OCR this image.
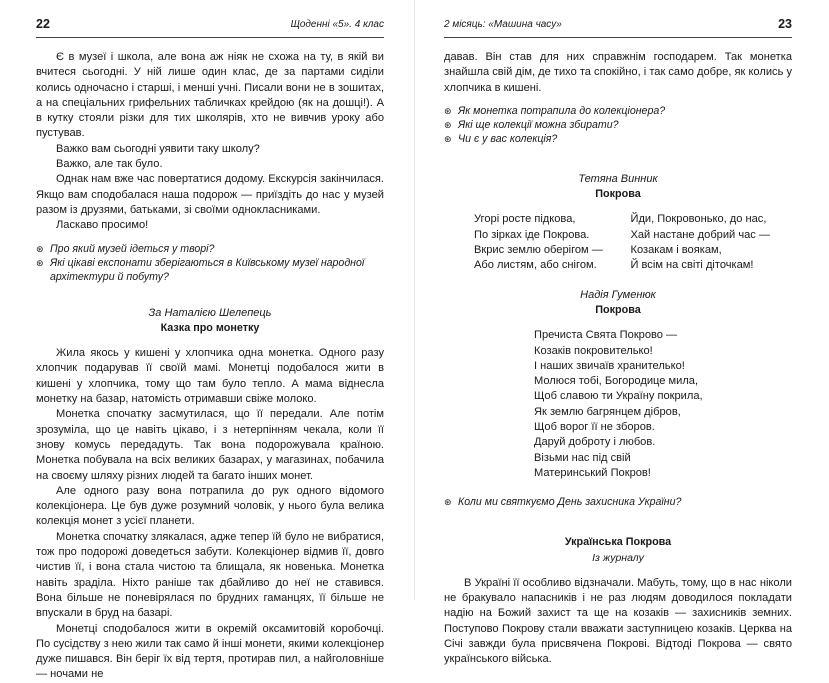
22	Щоденні «5». 4 клас

Є в музеї і школа, але вона аж ніяк не схожа на ту, в якій ви вчитеся сьогодні. У ній лише один клас, де за партами сиділи колись одночасно і старші, і менші учні. Писали вони не в зошитах, а на спеціальних грифельних табличках крейдою (як на дошці!). А в кутку стояли різки для тих школярів, хто не вивчив уроку або пустував.

Важко вам сьогодні уявити таку школу?

Важко, але так було.

Однак нам вже час повертатися додому. Екскурсія закінчилася. Якщо вам сподобалася наша подорож — приїздіть до нас у музей разом із друзями, батьками, зі своїми однокласниками.

Ласкаво просимо!

⊛ Про який музей ідеться у творі?
⊛ Які цікаві експонати зберігаються в Київському музеї народної архітектури й побуту?
За Наталією Шелепець
Казка про монетку

Жила якось у кишені у хлопчика одна монетка. Одного разу хлопчик подарував її своїй мамі. Монетці подобалося жити в кишені у хлопчика, тому що там було тепло. А мама віднесла монетку на базар, натомість отримавши свіже молоко.

Монетка спочатку засмутилася, що її передали. Але потім зрозуміла, що це навіть цікаво, і з нетерпінням чекала, коли її знову комусь передадуть. Так вона подорожувала країною. Монетка побувала на всіх великих базарах, у магазинах, побачила на своєму шляху різних людей та багато інших монет.

Але одного разу вона потрапила до рук одного відомого колекціонера. Це був дуже розумний чоловік, у нього була велика колекція монет з усієї планети.

Монетка спочатку злякалася, адже тепер їй було не вибратися, тож про подорожі доведеться забути. Колекціонер відмив її, довго чистив її, і вона стала чистою та блищала, як новенька. Монетка навіть зраділа. Ніхто раніше так дбайливо до неї не ставився. Вона більше не поневірялася по брудних гаманцях, її більше не впускали в бруд на базарі.

Монетці сподобалося жити в окремій оксамитовій коробочці. По сусідству з нею жили так само й інші монети, якими колекціонер дуже пишався. Він беріг їх від тертя, протирав пил, а найголовніше — ночами не

2 місяць: «Машина часу»	23

давав. Він став для них справжнім господарем. Так монетка знайшла свій дім, де тихо та спокійно, і так само добре, як колись у хлопчика в кишені.

⊛ Як монетка потрапила до колекціонера?
⊛ Які ще колекції можна збирати?
⊛ Чи є у вас колекція?
Тетяна Винник
Покрова
Угорі росте підкова,
По зірках іде Покрова.
Вкрис землю оберігом —
Або листям, або снігом.
Йди, Покровонько, до нас,
Хай настане добрий час —
Козакам і воякам,
Й всім на світі діточкам!
Надія Гуменюк
Покрова
Пречиста Свята Покрово —
Козаків покровителько!
І наших звичаїв хранителько!
Молюся тобі, Богородице мила,
Щоб славою ти Україну покрила,
Як землю багрянцем дібров,
Щоб ворог її не зборов.
Даруй доброту і любов.
Візьми нас під свій
Материнський Покров!
⊛ Коли ми святкуємо День захисника України?
Українська Покрова
Із журналу

В Україні її особливо відзначали. Мабуть, тому, що в нас ніколи не бракувало напасників і не раз людям доводилося покладати надію на Божий захист та ще на козаків — захисників земних. Поступово Покрову стали вважати заступницею козаків. Церква на Січі завжди була присвячена Покрові. Відтоді Покрова — свято українського війська.
